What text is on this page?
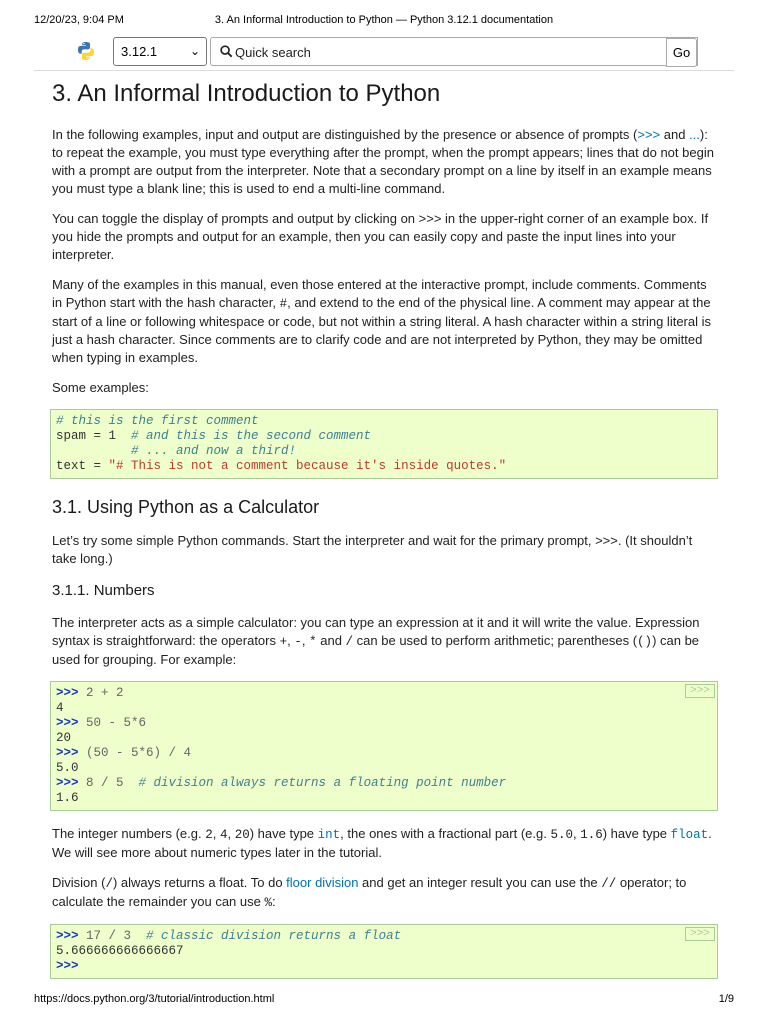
12/20/23, 9:04 PM	3. An Informal Introduction to Python — Python 3.12.1 documentation
3.12.1	⌄
Quick search	Go
3. An Informal Introduction to Python

In the following examples, input and output are distinguished by the presence or absence of prompts (>>> and ...): to repeat the example, you must type everything after the prompt, when the prompt appears; lines that do not begin with a prompt are output from the interpreter. Note that a secondary prompt on a line by itself in an example means you must type a blank line; this is used to end a multi-line command.

You can toggle the display of prompts and output by clicking on >>> in the upper-right corner of an example box. If you hide the prompts and output for an example, then you can easily copy and paste the input lines into your interpreter.

Many of the examples in this manual, even those entered at the interactive prompt, include comments. Comments in Python start with the hash character, #, and extend to the end of the physical line. A comment may appear at the start of a line or following whitespace or code, but not within a string literal. A hash character within a string literal is just a hash character. Since comments are to clarify code and are not interpreted by Python, they may be omitted when typing in examples.

Some examples:

# this is the first comment
spam = 1  # and this is the second comment
# ... and now a third!
text = "# This is not a comment because it's inside quotes."
3.1. Using Python as a Calculator

Let’s try some simple Python commands. Start the interpreter and wait for the primary prompt, >>>. (It shouldn’t take long.)

3.1.1. Numbers

The interpreter acts as a simple calculator: you can type an expression at it and it will write the value. Expression syntax is straightforward: the operators +, -, * and / can be used to perform arithmetic; parentheses (()) can be used for grouping. For example:

>>>
>>> 2 + 2
4
>>> 50 - 5*6
20
>>> (50 - 5*6) / 4
5.0
>>> 8 / 5  # division always returns a floating point number
1.6

The integer numbers (e.g. 2, 4, 20) have type int, the ones with a fractional part (e.g. 5.0, 1.6) have type float. We will see more about numeric types later in the tutorial.

Division (/) always returns a float. To do floor division and get an integer result you can use the // operator; to calculate the remainder you can use %:

>>>
>>> 17 / 3  # classic division returns a float
5.666666666666667
>>>
https://docs.python.org/3/tutorial/introduction.html	1/9
